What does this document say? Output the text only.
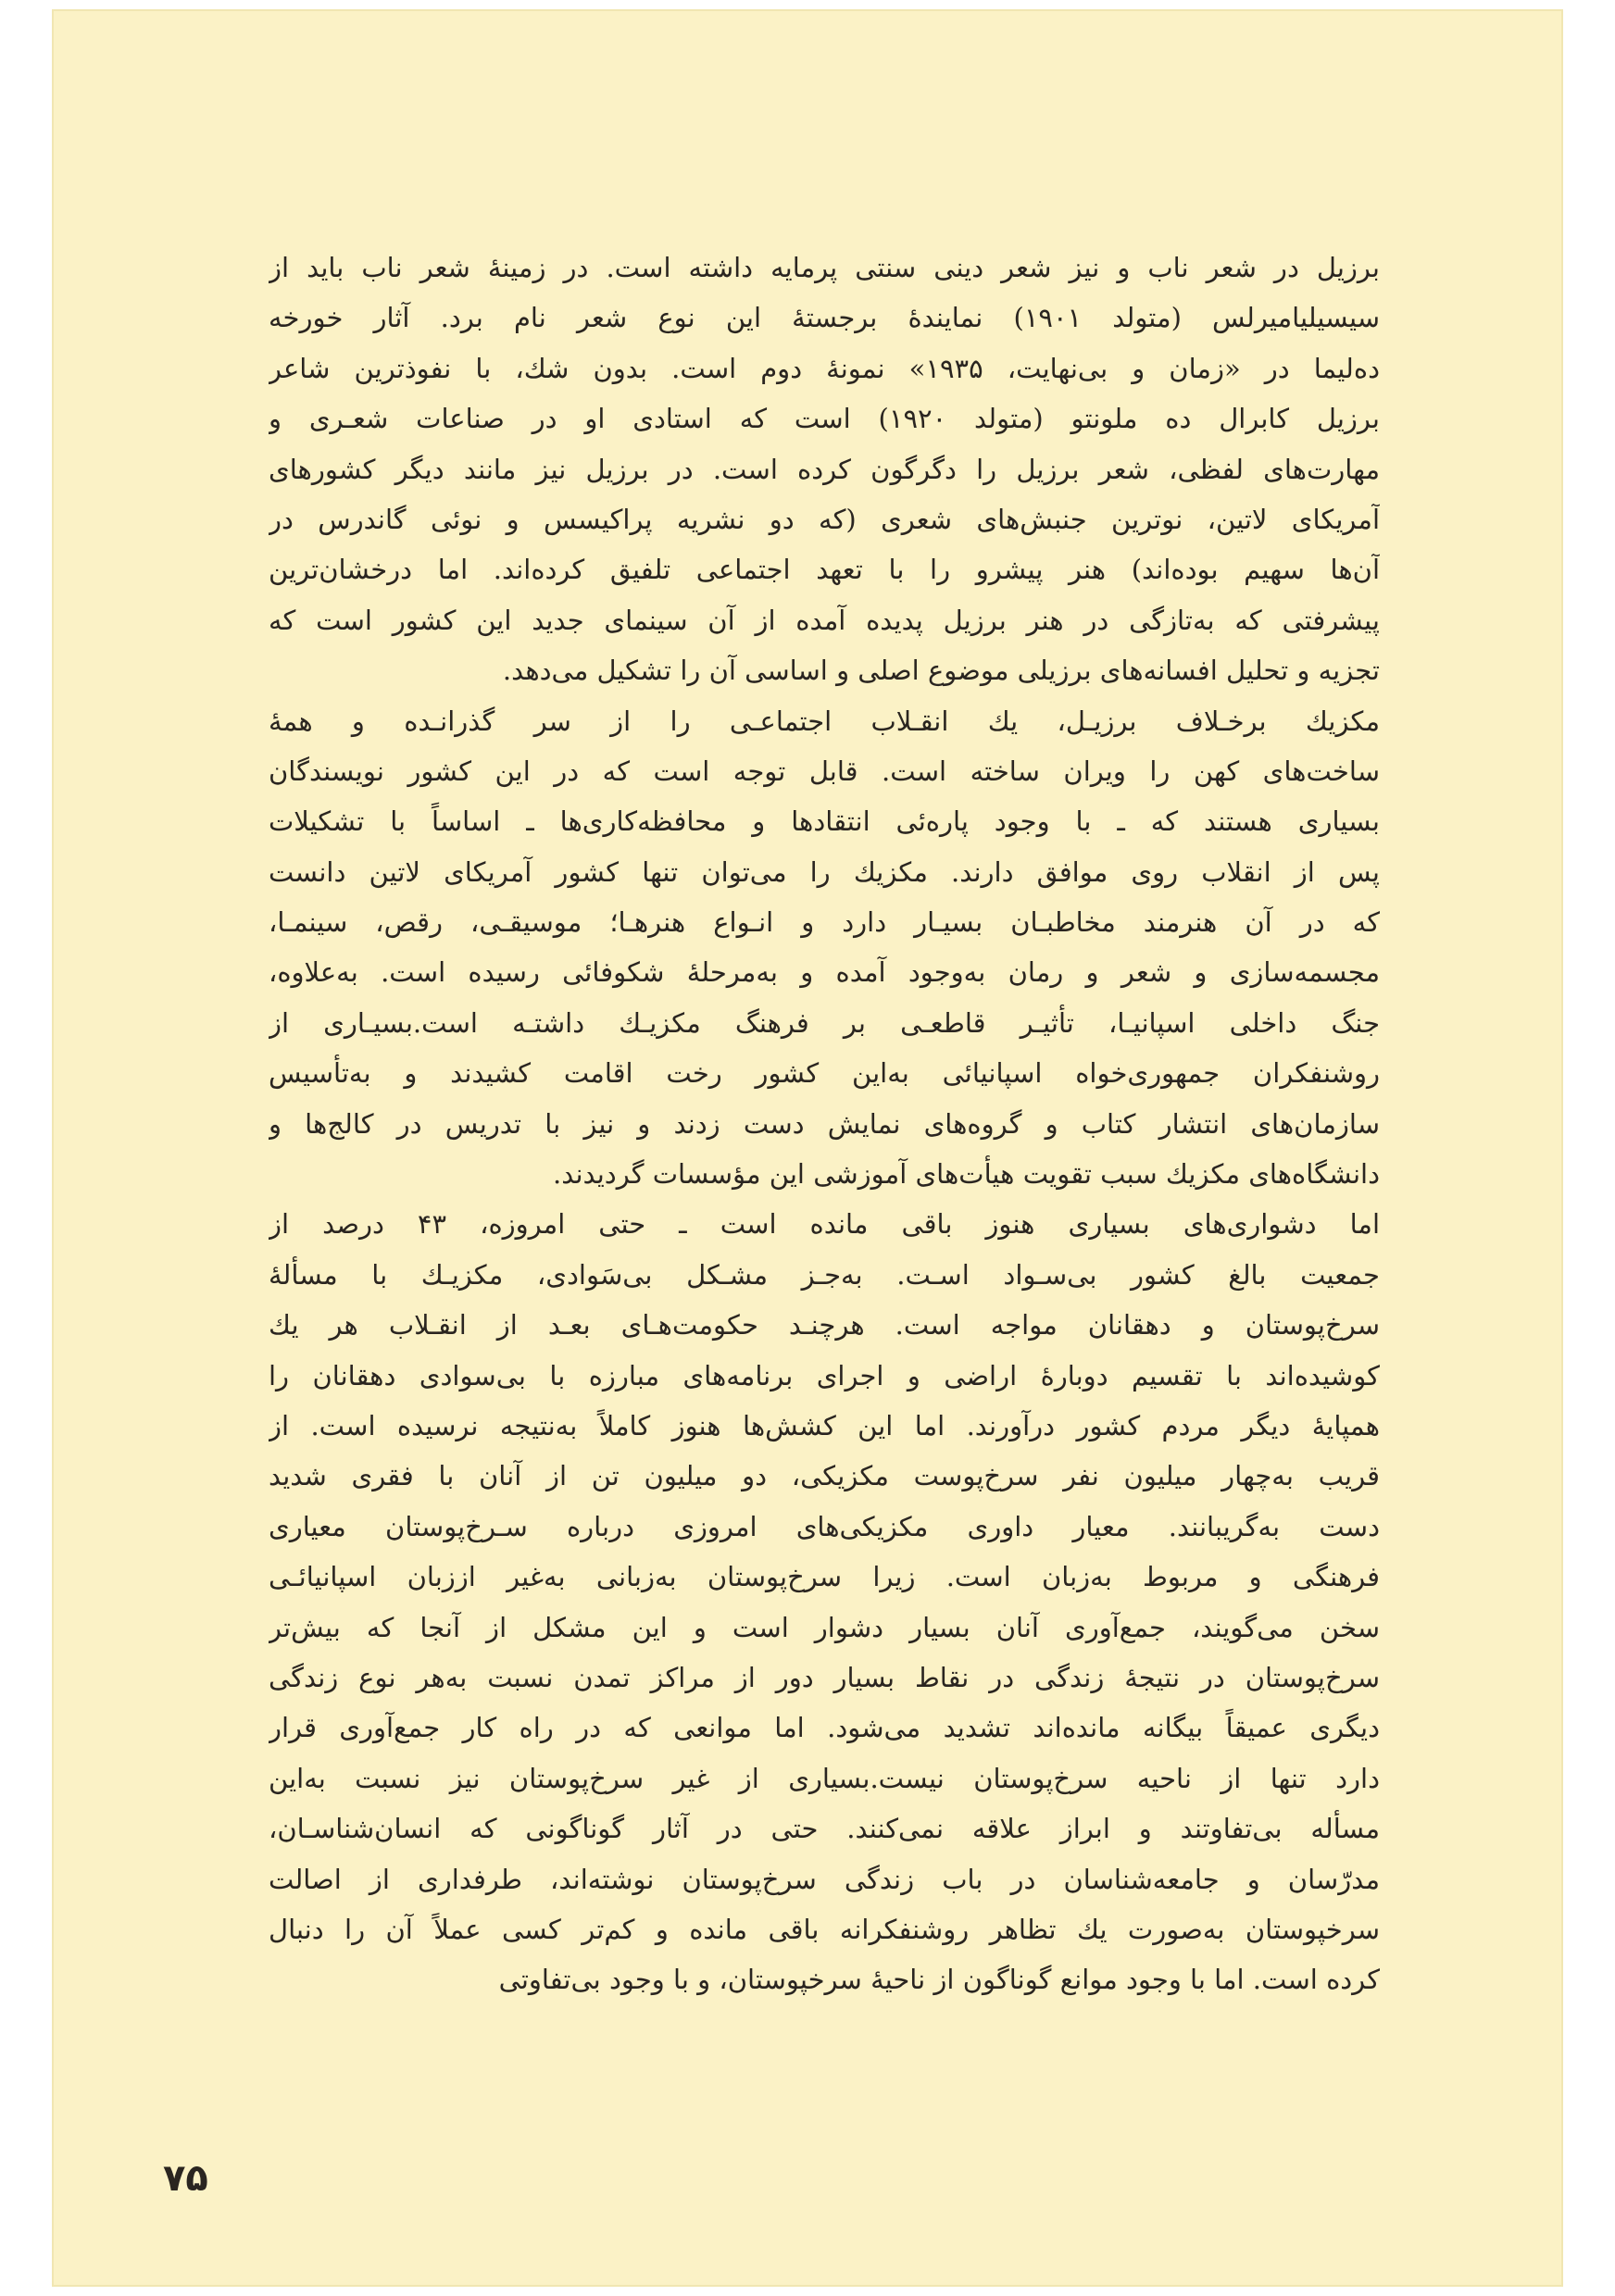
برزیل در شعر ناب و نیز شعر دینی سنتی پرمایه داشته است. در زمینهٔ شعر ناب باید از
سیسیلیامیرلس (متولد ۱۹۰۱) نمایندهٔ برجستهٔ این نوع شعر نام برد. آثار خورخه
ده‌لیما در «زمان و بی‌نهایت، ۱۹۳۵» نمونهٔ دوم است. بدون شك، با نفوذترین شاعر
برزیل کابرال ده ملونتو (متولد ۱۹۲۰) است که استادی او در صناعات شعـری و
مهارت‌های لفظی، شعر برزیل را دگرگون کرده است. در برزیل نیز مانند دیگر کشورهای
آمریکای لاتین، نوترین جنبش‌های شعری (که دو نشریه پراکیسس و نوئی گاندرس در
آن‌ها سهیم بوده‌اند) هنر پیشرو را با تعهد اجتماعی تلفیق کرده‌اند. اما درخشان‌ترین
پیشرفتی که به‌تازگی در هنر برزیل پدیده آمده از آن سینمای جدید این کشور است که
تجزیه و تحلیل افسانه‌های برزیلی موضوع اصلی و اساسی آن را تشکیل می‌دهد.
مکزیك برخـلاف برزیـل، یك انقـلاب اجتماعـی را از سر گذرانـده و همهٔ
ساخت‌های کهن را ویران ساخته است. قابل توجه است که در این کشور نویسندگان
بسیاری هستند که ـ با وجود پاره‌ئی انتقادها و محافظه‌کاری‌ها ـ اساساً با تشکیلات
پس از انقلاب روی موافق دارند. مکزیك را می‌توان تنها کشور آمریکای لاتین دانست
که در آن هنرمند مخاطبـان بسیـار دارد و انـواع هنرهـا؛ موسیقـی، رقص، سینمـا،
مجسمه‌سازی و شعر و رمان به‌وجود آمده و به‌مرحلهٔ شکوفائی رسیده است. به‌علاوه،
جنگ داخلی اسپانیـا، تأثیـر قاطعـی بر فرهنگ مکزیـك داشتـه است.بسیـاری از
روشنفکران جمهوری‌خواه اسپانیائی به‌این کشور رخت اقامت کشیدند و به‌تأسیس
سازمان‌های انتشار کتاب و گروه‌های نمایش دست زدند و نیز با تدریس در کالج‌ها و
دانشگاه‌های مکزیك سبب تقویت هیأت‌های آموزشی این مؤسسات گردیدند.
اما دشواری‌های بسیاری هنوز باقی مانده است ـ حتی امروزه، ۴۳ درصد از
جمعیت بالغ کشور بی‌سـواد اسـت. به‌جـز مشـکل بی‌سَوادی، مکزیـك با مسألهٔ
سرخ‌پوستان و دهقانان مواجه است. هرچنـد حکومت‌هـای بعـد از انقـلاب هر یك
کوشیده‌اند با تقسیم دوبارهٔ اراضی و اجرای برنامه‌های مبارزه با بی‌سوادی دهقانان را
همپایهٔ دیگر مردم کشور درآورند. اما این کشش‌ها هنوز کاملاً به‌نتیجه نرسیده است. از
قریب به‌چهار میلیون نفر سرخ‌پوست مکزیکی، دو میلیون تن از آنان با فقری شدید
دست به‌گریبانند. معیار داوری مکزیکی‌های امروزی درباره سـرخ‌پوستان معیاری
فرهنگی و مربوط به‌زبان است. زیرا سرخ‌پوستان به‌زبانی به‌غیر اززبان اسپانیائـی
سخن می‌گویند، جمع‌آوری آنان بسیار دشوار است و این مشکل از آنجا که بیش‌تر
سرخ‌پوستان در نتیجهٔ زندگی در نقاط بسیار دور از مراکز تمدن نسبت به‌هر نوع زندگی
دیگری عمیقاً بیگانه مانده‌اند تشدید می‌شود. اما موانعی که در راه کار جمع‌آوری قرار
دارد تنها از ناحیه سرخ‌پوستان نیست.بسیاری از غیر سرخ‌پوستان نیز نسبت به‌این
مسأله بی‌تفاوتند و ابراز علاقه نمی‌کنند. حتی در آثار گوناگونی که انسان‌شناسـان،
مدرّسان و جامعه‌شناسان در باب زندگی سرخ‌پوستان نوشته‌اند، طرفداری از اصالت
سرخپوستان به‌صورت یك تظاهر روشنفکرانه باقی مانده و کم‌تر کسی عملاً آن را دنبال
کرده است. اما با وجود موانع گوناگون از ناحیهٔ سرخپوستان، و با وجود بی‌تفاوتی
۷۵
